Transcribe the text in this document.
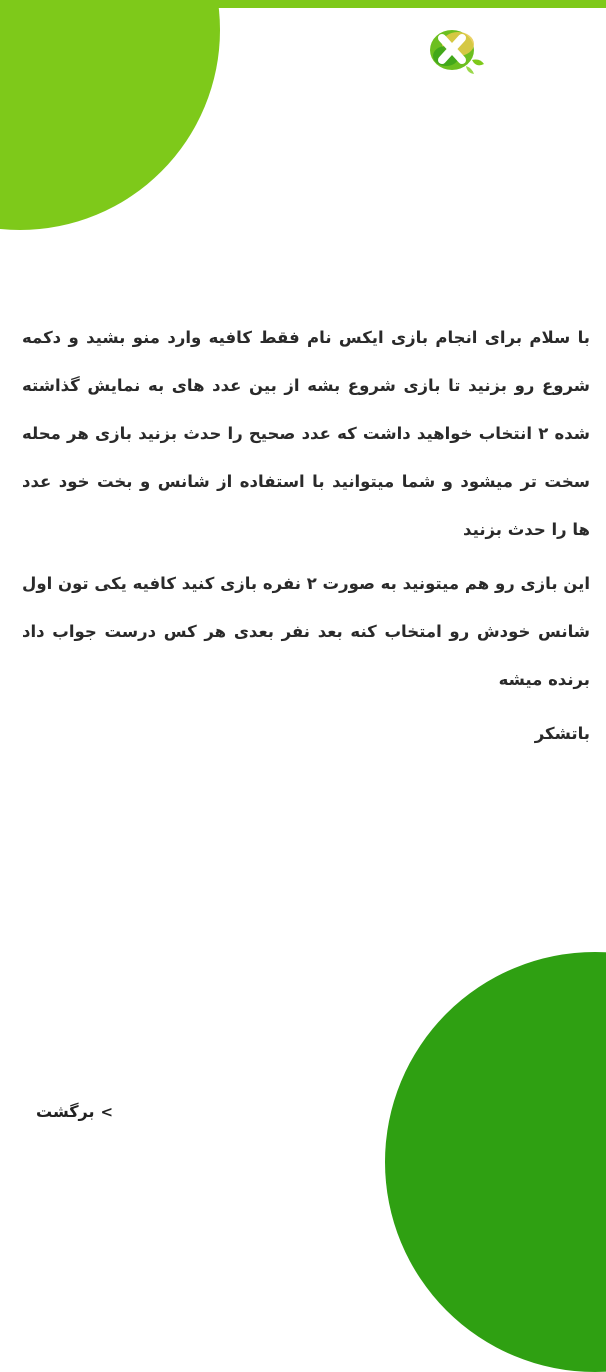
با سلام برای انجام بازی ایکس نام فقط کافیه وارد منو بشید و دکمه شروع رو بزنید تا بازی شروع بشه از بین عدد های به نمایش گذاشته شده ۲ انتخاب خواهید داشت که عدد صحیح را حدث بزنید بازی هر محله سخت تر میشود و شما میتوانید با استفاده از شانس و بخت خود عدد ها را حدث بزنید

این بازی رو هم میتونید به صورت ۲ نفره بازی کنید کافیه یکی تون اول شانس خودش رو امتخاب کنه بعد نفر بعدی هر کس درست جواب داد برنده میشه

باتشکر

برگشت >
